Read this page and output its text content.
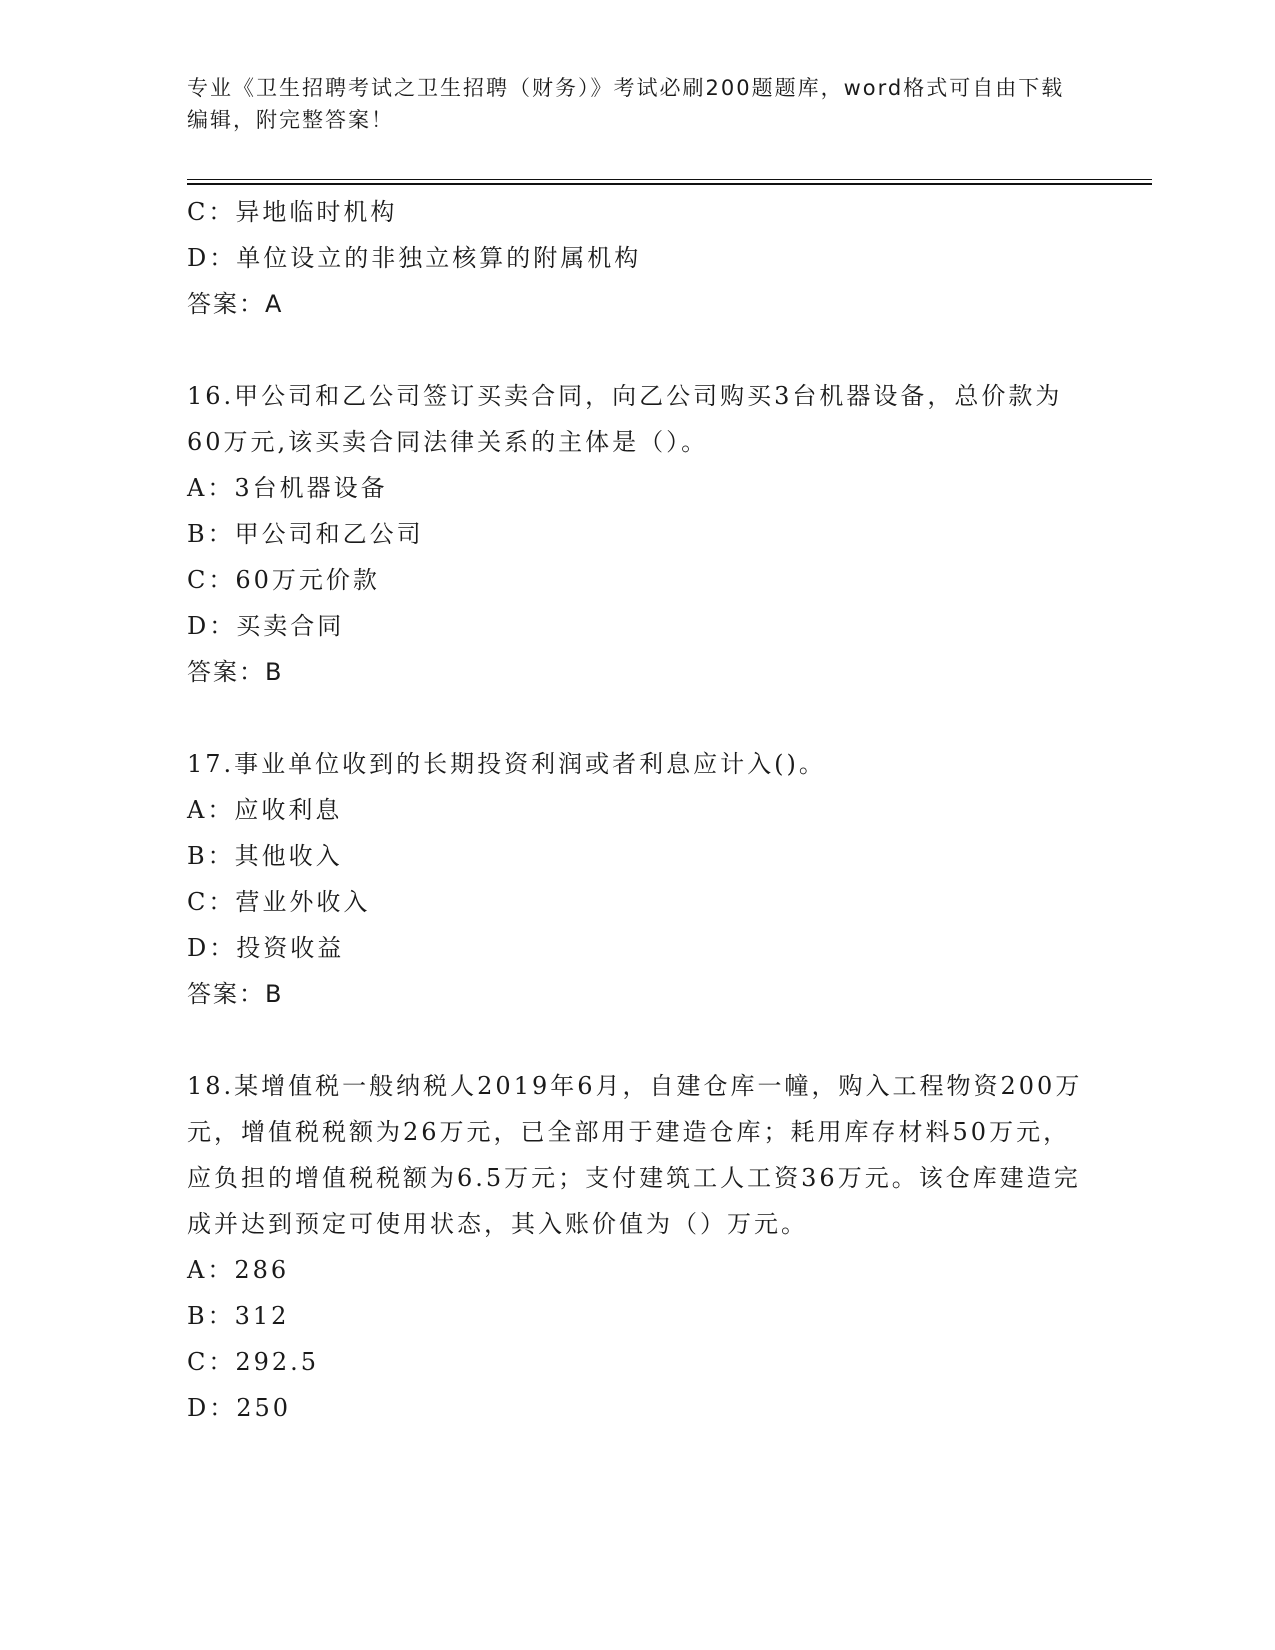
专业《卫生招聘考试之卫生招聘（财务）》考试必刷200题题库，word格式可自由下载编辑，附完整答案！
C：异地临时机构
D：单位设立的非独立核算的附属机构
答案：A
16.甲公司和乙公司签订买卖合同，向乙公司购买3台机器设备，总价款为60万元,该买卖合同法律关系的主体是（）。
A：3台机器设备
B：甲公司和乙公司
C：60万元价款
D：买卖合同
答案：B
17.事业单位收到的长期投资利润或者利息应计入()。
A：应收利息
B：其他收入
C：营业外收入
D：投资收益
答案：B
18.某增值税一般纳税人2019年6月，自建仓库一幢，购入工程物资200万元，增值税税额为26万元，已全部用于建造仓库；耗用库存材料50万元，应负担的增值税税额为6.5万元；支付建筑工人工资36万元。该仓库建造完成并达到预定可使用状态，其入账价值为（）万元。
A：286
B：312
C：292.5
D：250
